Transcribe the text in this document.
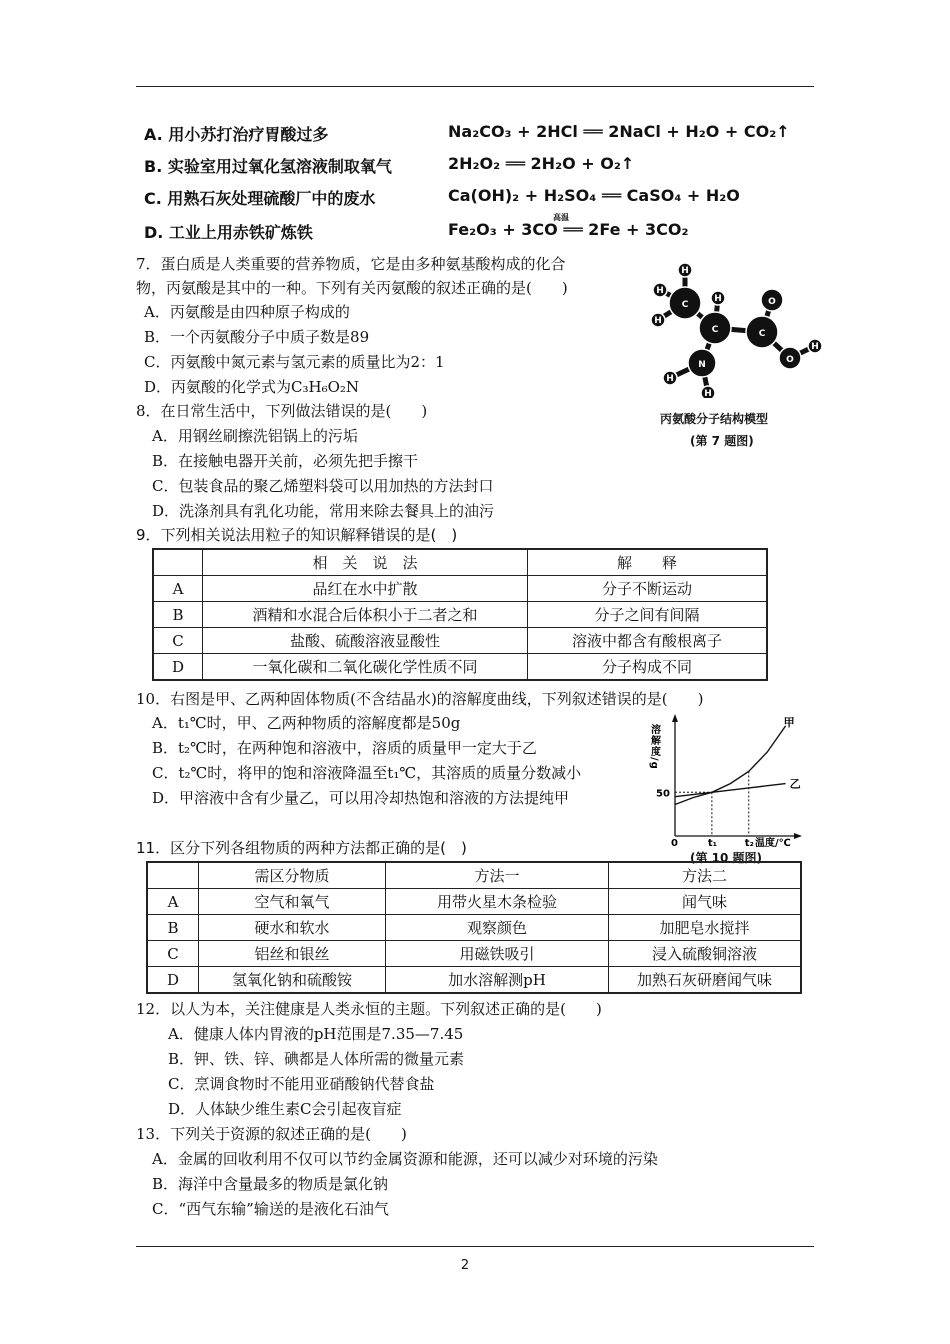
A. 用小苏打治疗胃酸过多	Na₂CO₃ + 2HCl ══ 2NaCl + H₂O + CO₂↑
B. 实验室用过氧化氢溶液制取氧气	2H₂O₂ ══ 2H₂O + O₂↑
C. 用熟石灰处理硫酸厂中的废水	Ca(OH)₂ + H₂SO₄ ══ CaSO₄ + H₂O
D. 工业上用赤铁矿炼铁	Fe₂O₃ + 3CO ══ 2Fe + 3CO₂
高温
7．蛋白质是人类重要的营养物质，它是由多种氨基酸构成的化合
物，丙氨酸是其中的一种。下列有关丙氨酸的叙述正确的是(　　)
A．丙氨酸是由四种原子构成的
B．一个丙氨酸分子中质子数是89
C．丙氨酸中氮元素与氢元素的质量比为2：1
D．丙氨酸的化学式为C₃H₆O₂N
H
H
H
C
H
C
O
C
O
H
N
H
H
丙氨酸分子结构模型
(第 7 题图)
8．在日常生活中，下列做法错误的是(　　)
A．用钢丝刷擦洗铝锅上的污垢
B．在接触电器开关前，必须先把手擦干
C．包装食品的聚乙烯塑料袋可以用加热的方法封口
D．洗涤剂具有乳化功能，常用来除去餐具上的油污
9．下列相关说法用粒子的知识解释错误的是(　)
	相　关　说　法	解　　释
A	品红在水中扩散	分子不断运动
B	酒精和水混合后体积小于二者之和	分子之间有间隔
C	盐酸、硫酸溶液显酸性	溶液中都含有酸根离子
D	一氧化碳和二氧化碳化学性质不同	分子构成不同
10．右图是甲、乙两种固体物质(不含结晶水)的溶解度曲线，下列叙述错误的是(　　)
A．t₁℃时，甲、乙两种物质的溶解度都是50g
B．t₂℃时，在两种饱和溶液中，溶质的质量甲一定大于乙
C．t₂℃时，将甲的饱和溶液降温至t₁℃，其溶质的质量分数减小
D．甲溶液中含有少量乙，可以用冷却热饱和溶液的方法提纯甲
溶解度/g
温度/℃
0	t₁	t₂
50
甲
乙
(第 10 题图)
11．区分下列各组物质的两种方法都正确的是(　)
	需区分物质	方法一	方法二
A	空气和氧气	用带火星木条检验	闻气味
B	硬水和软水	观察颜色	加肥皂水搅拌
C	铝丝和银丝	用磁铁吸引	浸入硫酸铜溶液
D	氢氧化钠和硫酸铵	加水溶解测pH	加熟石灰研磨闻气味
12．以人为本，关注健康是人类永恒的主题。下列叙述正确的是(　　)
A．健康人体内胃液的pH范围是7.35—7.45
B．钾、铁、锌、碘都是人体所需的微量元素
C．烹调食物时不能用亚硝酸钠代替食盐
D．人体缺少维生素C会引起夜盲症
13．下列关于资源的叙述正确的是(　　)
A．金属的回收利用不仅可以节约金属资源和能源，还可以减少对环境的污染
B．海洋中含量最多的物质是氯化钠
C．“西气东输”输送的是液化石油气
2
